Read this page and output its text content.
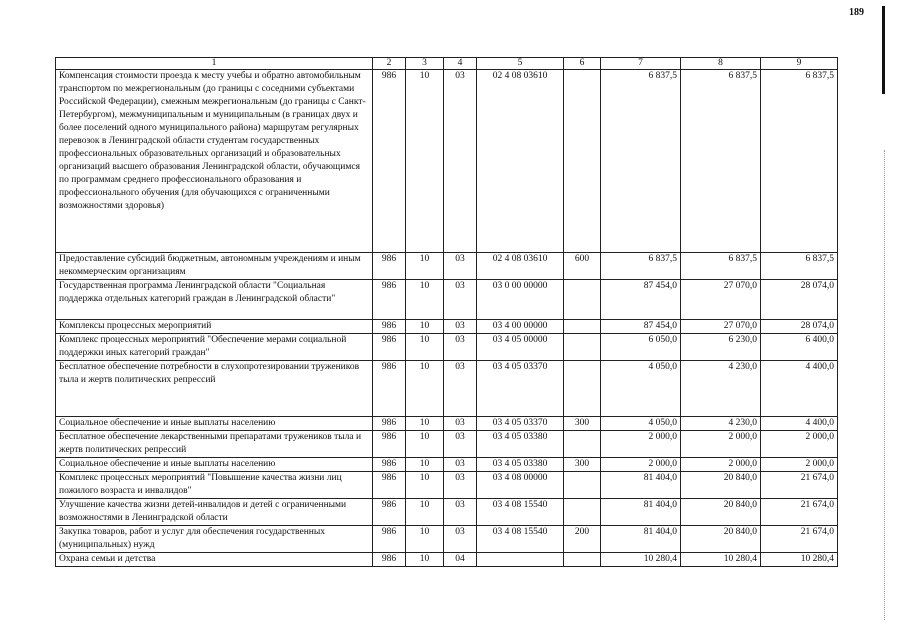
189
1	2	3	4	5	6	7	8	9
Компенсация стоимости проезда к месту учебы и обратно автомобильным транспортом по межрегиональным (до границы с соседними субъектами Российской Федерации), смежным межрегиональным (до границы с Санкт-Петербургом), межмуниципальным и муниципальным (в границах двух и более поселений одного муниципального района) маршрутам регулярных перевозок в Ленинградской области студентам государственных профессиональных образовательных организаций и образовательных организаций высшего образования Ленинградской области, обучающимся по программам среднего профессионального образования и профессионального обучения (для обучающихся с ограниченными возможностями здоровья)	986	10	03	02 4 08 03610		6 837,5	6 837,5	6 837,5
Предоставление субсидий бюджетным, автономным учреждениям и иным некоммерческим организациям	986	10	03	02 4 08 03610	600	6 837,5	6 837,5	6 837,5
Государственная программа Ленинградской области "Социальная поддержка отдельных категорий граждан в Ленинградской области"	986	10	03	03 0 00 00000		87 454,0	27 070,0	28 074,0
Комплексы процессных мероприятий	986	10	03	03 4 00 00000		87 454,0	27 070,0	28 074,0
Комплекс процессных мероприятий "Обеспечение мерами социальной поддержки иных категорий граждан"	986	10	03	03 4 05 00000		6 050,0	6 230,0	6 400,0
Бесплатное обеспечение потребности в слухопротезировании тружеников тыла и жертв политических репрессий	986	10	03	03 4 05 03370		4 050,0	4 230,0	4 400,0
Социальное обеспечение и иные выплаты населению	986	10	03	03 4 05 03370	300	4 050,0	4 230,0	4 400,0
Бесплатное обеспечение лекарственными препаратами тружеников тыла и жертв политических репрессий	986	10	03	03 4 05 03380		2 000,0	2 000,0	2 000,0
Социальное обеспечение и иные выплаты населению	986	10	03	03 4 05 03380	300	2 000,0	2 000,0	2 000,0
Комплекс процессных мероприятий "Повышение качества жизни лиц пожилого возраста и инвалидов"	986	10	03	03 4 08 00000		81 404,0	20 840,0	21 674,0
Улучшение качества жизни детей-инвалидов и детей с ограниченными возможностями в Ленинградской области	986	10	03	03 4 08 15540		81 404,0	20 840,0	21 674,0
Закупка товаров, работ и услуг для обеспечения государственных (муниципальных) нужд	986	10	03	03 4 08 15540	200	81 404,0	20 840,0	21 674,0
Охрана семьи и детства	986	10	04			10 280,4	10 280,4	10 280,4
